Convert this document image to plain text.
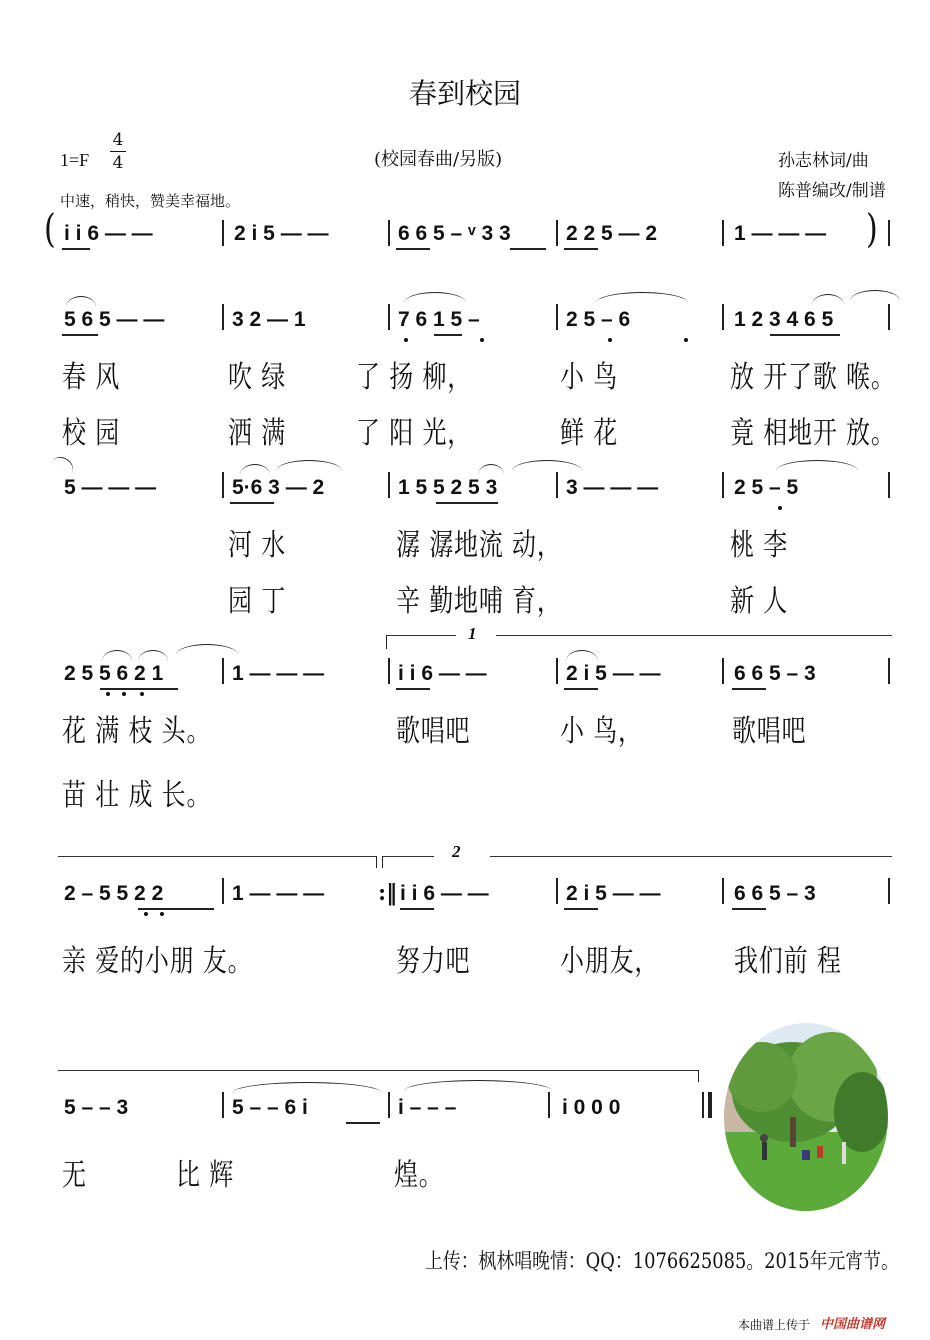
春到校园
1=F
4
4	(校园春曲/另版)
中速，稍快，赞美幸福地。
孙志林词/曲
陈普编改/制谱
(	)
i i 6 — —	2 i 5 — —	6 6 5 – ᵛ 3 3	2 2 5 — 2	1 — — —
5 6 5 — —	3 2 — 1	7 6 1 5 –	2 5 – 6	1 2 3 4 6 5
春 风	吹 绿 了 扬 柳，	小 鸟	放 开了歌 喉。
校 园	洒 满 了 阳 光，	鲜 花	竟 相地开 放。
5 — — —	5·6 3 — 2	1 5 5 2 5 3	3 — — —	2 5 – 5
河 水	潺 潺地流 动，	桃 李
园 丁	辛 勤地哺 育，	新 人
1
2 5 5 6 2 1	1 — — —	i i 6 — —	2 i 5 — —	6 6 5 – 3
花 满 枝 头。	歌唱吧	小 鸟，	歌唱吧
苗 壮 成 长。
2
2 – 5 5 2 2	1 — — — :‖ i i 6 — —	2 i 5 — —	6 6 5 – 3
亲 爱的小朋 友。	努力吧	小朋友， 我们前 程
5 – – 3	5 – – 6 i	i – – –	i 0 0 0
无	比 辉	煌。
上传：枫林唱晚情：QQ：1076625085。2015年元宵节。
本曲谱上传于 中国曲谱网
